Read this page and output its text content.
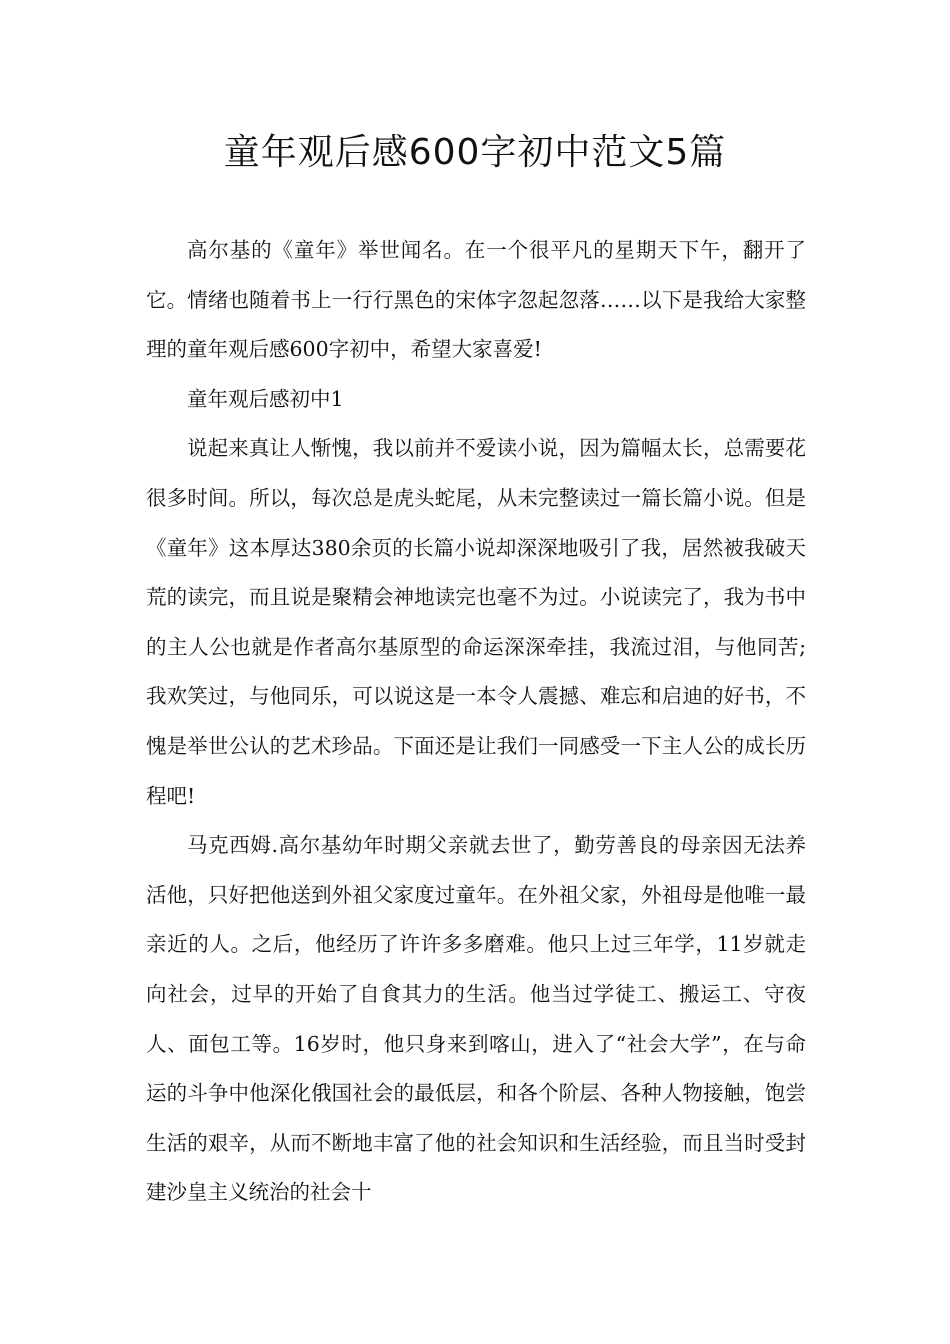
童年观后感600字初中范文5篇

高尔基的《童年》举世闻名。在一个很平凡的星期天下午，翻开了它。情绪也随着书上一行行黑色的宋体字忽起忽落……以下是我给大家整理的童年观后感600字初中，希望大家喜爱!

童年观后感初中1

说起来真让人惭愧，我以前并不爱读小说，因为篇幅太长，总需要花很多时间。所以，每次总是虎头蛇尾，从未完整读过一篇长篇小说。但是《童年》这本厚达380余页的长篇小说却深深地吸引了我，居然被我破天荒的读完，而且说是聚精会神地读完也毫不为过。小说读完了，我为书中的主人公也就是作者高尔基原型的命运深深牵挂，我流过泪，与他同苦;我欢笑过，与他同乐，可以说这是一本令人震撼、难忘和启迪的好书，不愧是举世公认的艺术珍品。下面还是让我们一同感受一下主人公的成长历程吧!

马克西姆.高尔基幼年时期父亲就去世了，勤劳善良的母亲因无法养活他，只好把他送到外祖父家度过童年。在外祖父家，外祖母是他唯一最亲近的人。之后，他经历了许许多多磨难。他只上过三年学，11岁就走向社会，过早的开始了自食其力的生活。他当过学徒工、搬运工、守夜人、面包工等。16岁时，他只身来到喀山，进入了“社会大学”，在与命运的斗争中他深化俄国社会的最低层，和各个阶层、各种人物接触，饱尝生活的艰辛，从而不断地丰富了他的社会知识和生活经验，而且当时受封建沙皇主义统治的社会十
